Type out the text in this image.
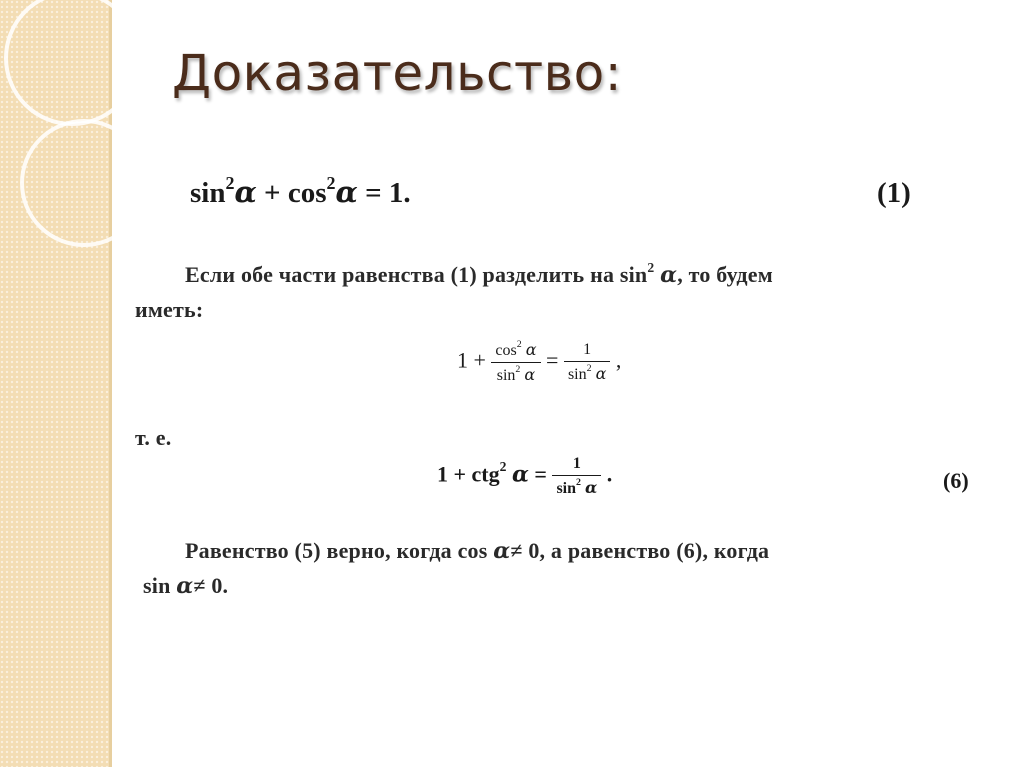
Доказательство:
$\sin^2\alpha + \cos^2\alpha = 1$.	(1)
Если обе части равенства (1) разделить на $\sin^2 \alpha$, то будем
иметь:
$1 + \frac{\cos^2 \alpha}{\sin^2 \alpha} = \frac{1}{\sin^2 \alpha}$ ,
т. е.
1 + ctg$^2$ $\alpha = \frac{1}{\sin^2 \alpha}$ .	(6)
Равенство (5) верно, когда cos α≠ 0, а равенство (6), когда
sin α≠ 0.
